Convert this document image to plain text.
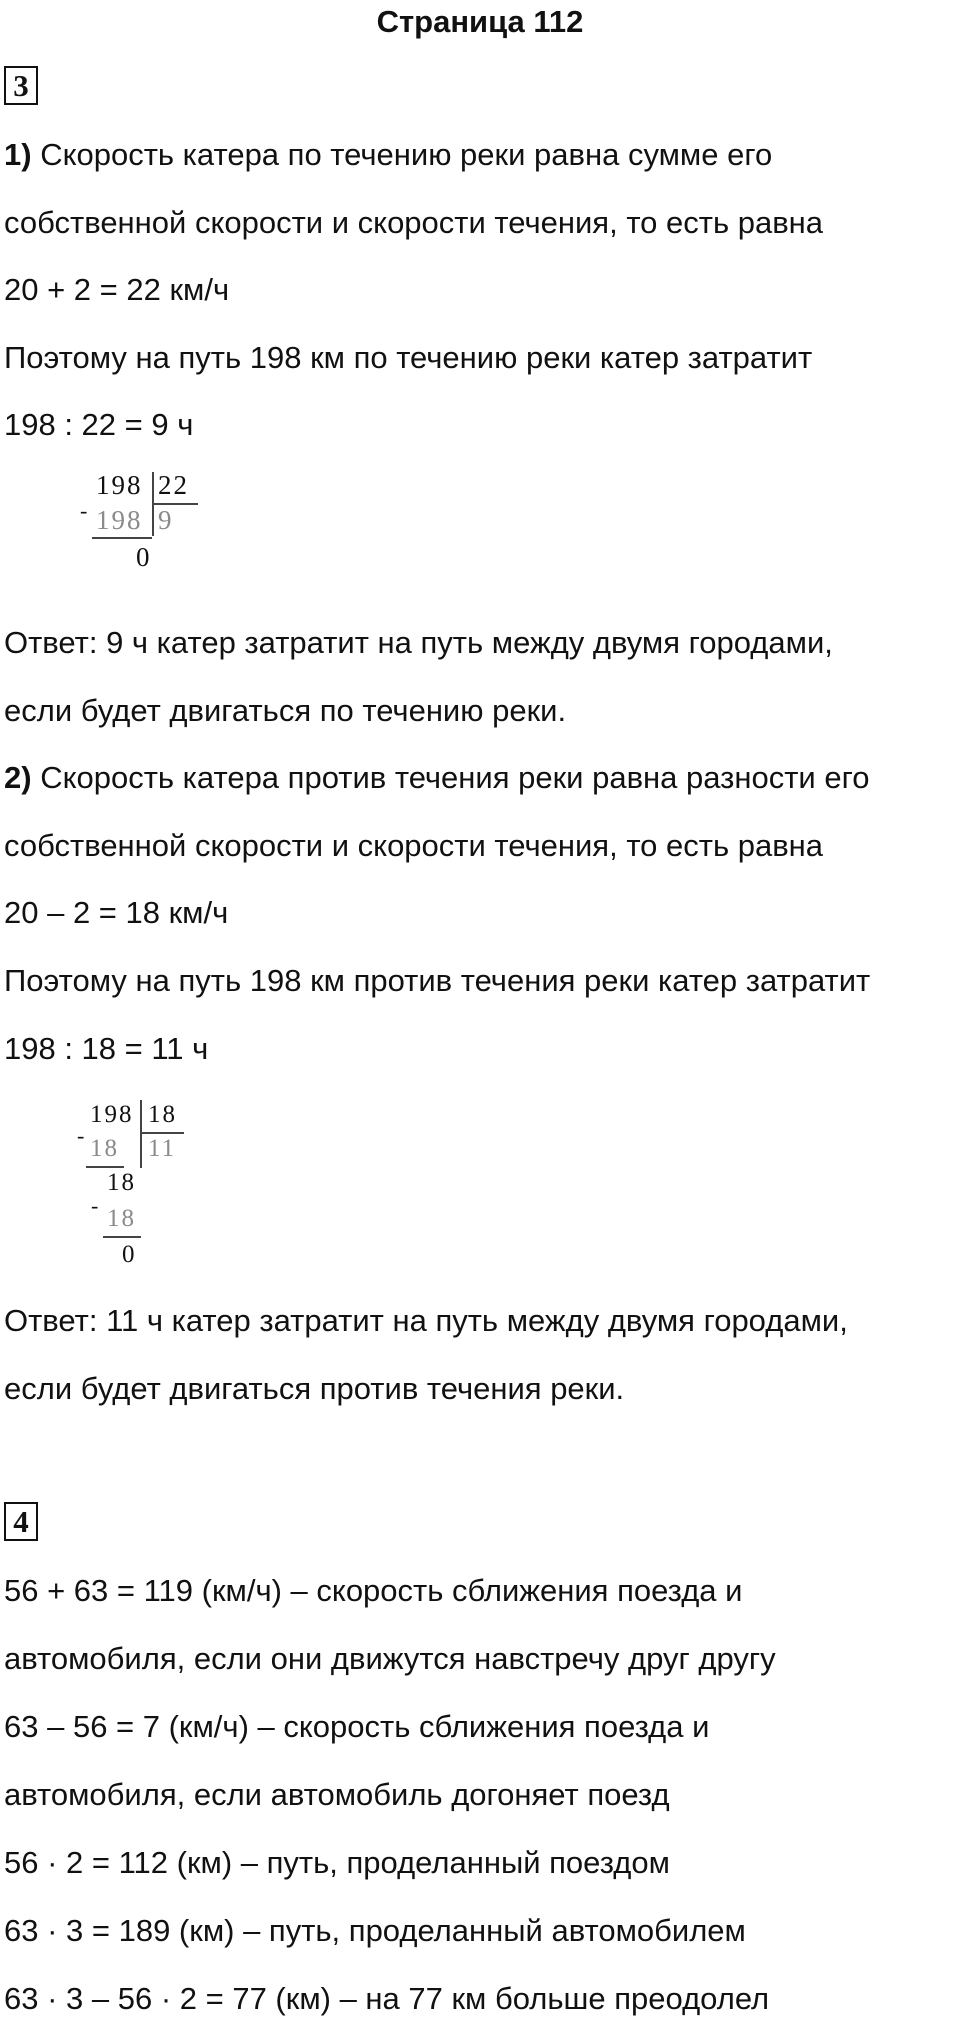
Страница 112
3
1) Скорость катера по течению реки равна сумме его
собственной скорости и скорости течения, то есть равна
20 + 2 = 22 км/ч
Поэтому на путь 198 км по течению реки катер затратит
198 : 22 = 9 ч
198 22
- 198 9
0
Ответ: 9 ч катер затратит на путь между двумя городами,
если будет двигаться по течению реки.
2) Скорость катера против течения реки равна разности его
собственной скорости и скорости течения, то есть равна
20 – 2 = 18 км/ч
Поэтому на путь 198 км против течения реки катер затратит
198 : 18 = 11 ч
198 18
- 18 11
18
- 18
0
Ответ: 11 ч катер затратит на путь между двумя городами,
если будет двигаться против течения реки.
4
56 + 63 = 119 (км/ч) – скорость сближения поезда и
автомобиля, если они движутся навстречу друг другу
63 – 56 = 7 (км/ч) – скорость сближения поезда и
автомобиля, если автомобиль догоняет поезд
56 · 2 = 112 (км) – путь, проделанный поездом
63 · 3 = 189 (км) – путь, проделанный автомобилем
63 · 3 – 56 · 2 = 77 (км) – на 77 км больше преодолел
